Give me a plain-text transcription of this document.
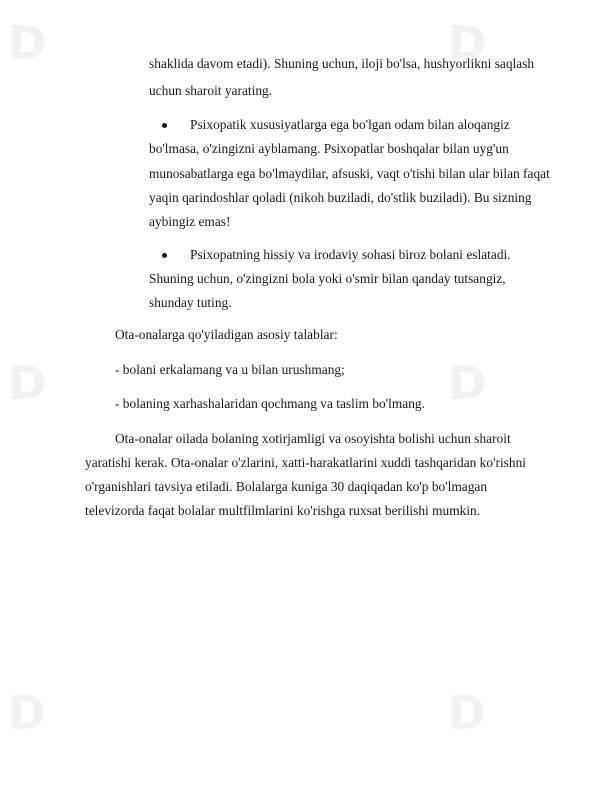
D	D
D	D
D	D
shaklida davom etadi). Shuning uchun, iloji bo'lsa, hushyorlikni saqlash
uchun sharoit yarating.
Psixopatik xususiyatlarga ega bo'lgan odam bilan aloqangiz
bo'lmasa, o'zingizni ayblamang. Psixopatlar boshqalar bilan uyg'un
munosabatlarga ega bo'lmaydilar, afsuski, vaqt o'tishi bilan ular bilan faqat
yaqin qarindoshlar qoladi (nikoh buziladi, do'stlik buziladi). Bu sizning
aybingiz emas!
Psixopatning hissiy va irodaviy sohasi biroz bolani eslatadi.
Shuning uchun, o'zingizni bola yoki o'smir bilan qanday tutsangiz,
shunday tuting.
Ota-onalarga qo'yiladigan asosiy talablar:
- bolani erkalamang va u bilan urushmang;
- bolaning xarhashalaridan qochmang va taslim bo'lmang.
Ota-onalar oilada bolaning xotirjamligi va osoyishta bolishi uchun sharoit
yaratishi kerak. Ota-onalar o'zlarini, xatti-harakatlarini xuddi tashqaridan ko'rishni
o'rganishlari tavsiya etiladi. Bolalarga kuniga 30 daqiqadan ko'p bo'lmagan
televizorda faqat bolalar multfilmlarini ko'rishga ruxsat berilishi mumkin.
